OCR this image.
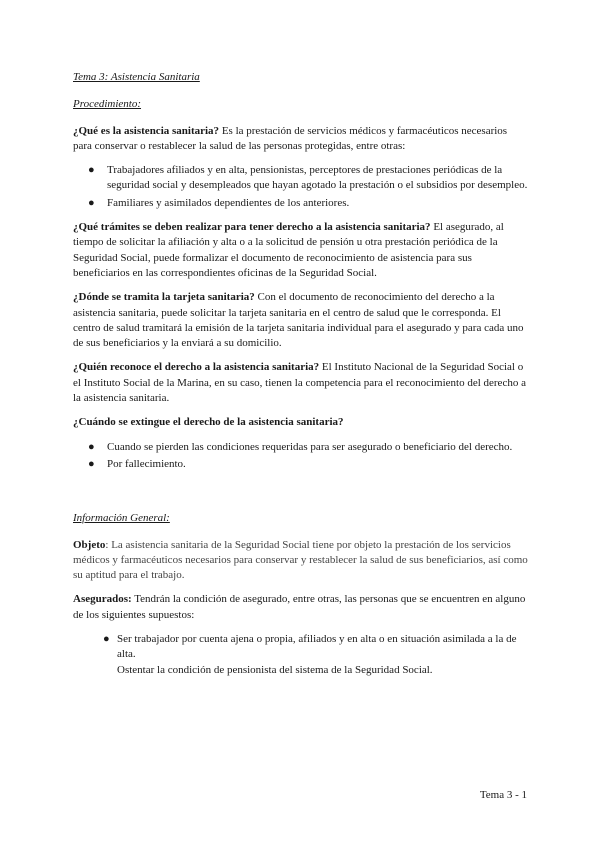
Tema 3: Asistencia Sanitaria

Procedimiento:

¿Qué es la asistencia sanitaria? Es la prestación de servicios médicos y farmacéuticos necesarios para conservar o restablecer la salud de las personas protegidas, entre otras:

● Trabajadores afiliados y en alta, pensionistas, perceptores de prestaciones periódicas de la seguridad social y desempleados que hayan agotado la prestación o el subsidios por desempleo.
● Familiares y asimilados dependientes de los anteriores.

¿Qué trámites se deben realizar para tener derecho a la asistencia sanitaria? El asegurado, al tiempo de solicitar la afiliación y alta o a la solicitud de pensión u otra prestación periódica de la Seguridad Social, puede formalizar el documento de reconocimiento de asistencia para sus beneficiarios en las correspondientes oficinas de la Seguridad Social.

¿Dónde se tramita la tarjeta sanitaria? Con el documento de reconocimiento del derecho a la asistencia sanitaria, puede solicitar la tarjeta sanitaria en el centro de salud que le corresponda. El centro de salud tramitará la emisión de la tarjeta sanitaria individual para el asegurado y para cada uno de sus beneficiarios y la enviará a su domicilio.

¿Quién reconoce el derecho a la asistencia sanitaria? El Instituto Nacional de la Seguridad Social o el Instituto Social de la Marina, en su caso, tienen la competencia para el reconocimiento del derecho a la asistencia sanitaria.

¿Cuándo se extingue el derecho de la asistencia sanitaria?

● Cuando se pierden las condiciones requeridas para ser asegurado o beneficiario del derecho.
● Por fallecimiento.

Información General:

Objeto: La asistencia sanitaria de la Seguridad Social tiene por objeto la prestación de los servicios médicos y farmacéuticos necesarios para conservar y restablecer la salud de sus beneficiarios, así como su aptitud para el trabajo.

Asegurados: Tendrán la condición de asegurado, entre otras, las personas que se encuentren en alguno de los siguientes supuestos:

● Ser trabajador por cuenta ajena o propia, afiliados y en alta o en situación asimilada a la de alta.
Ostentar la condición de pensionista del sistema de la Seguridad Social.
Tema 3 - 1
